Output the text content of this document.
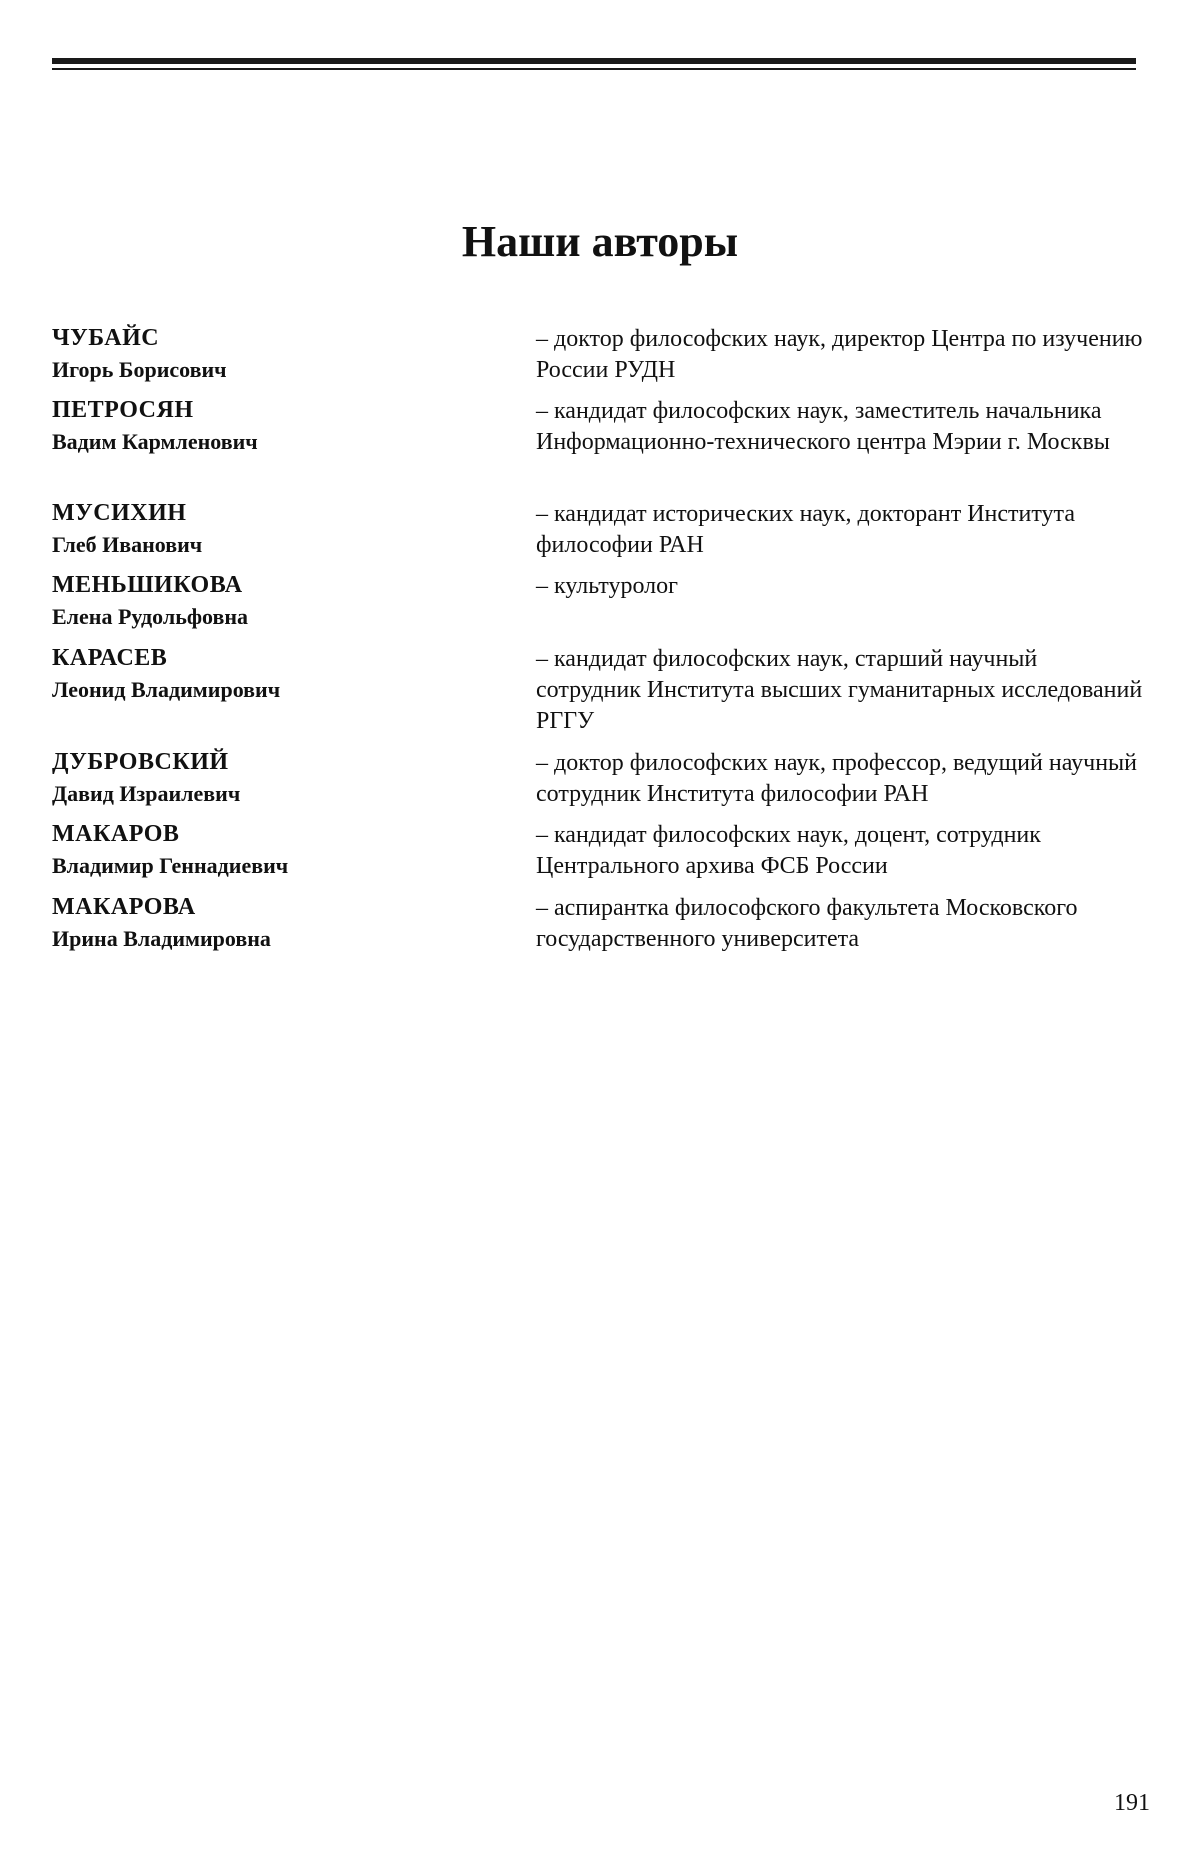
Наши авторы
ЧУБАЙС
Игорь Борисович
– доктор философских наук, директор Центра по изучению России РУДН
ПЕТРОСЯН
Вадим Кармленович
– кандидат философских наук, заместитель начальника Информационно-технического центра Мэрии г. Москвы
МУСИХИН
Глеб Иванович
– кандидат исторических наук, докторант Института философии РАН
МЕНЬШИКОВА
Елена Рудольфовна
– культуролог
КАРАСЕВ
Леонид Владимирович
– кандидат философских наук, старший научный сотрудник Института высших гуманитарных исследований РГГУ
ДУБРОВСКИЙ
Давид Израилевич
– доктор философских наук, профессор, ведущий научный сотрудник Института философии РАН
МАКАРОВ
Владимир Геннадиевич
– кандидат философских наук, доцент, сотрудник Центрального архива ФСБ России
МАКАРОВА
Ирина Владимировна
– аспирантка философского факультета Московского государственного университета
191
